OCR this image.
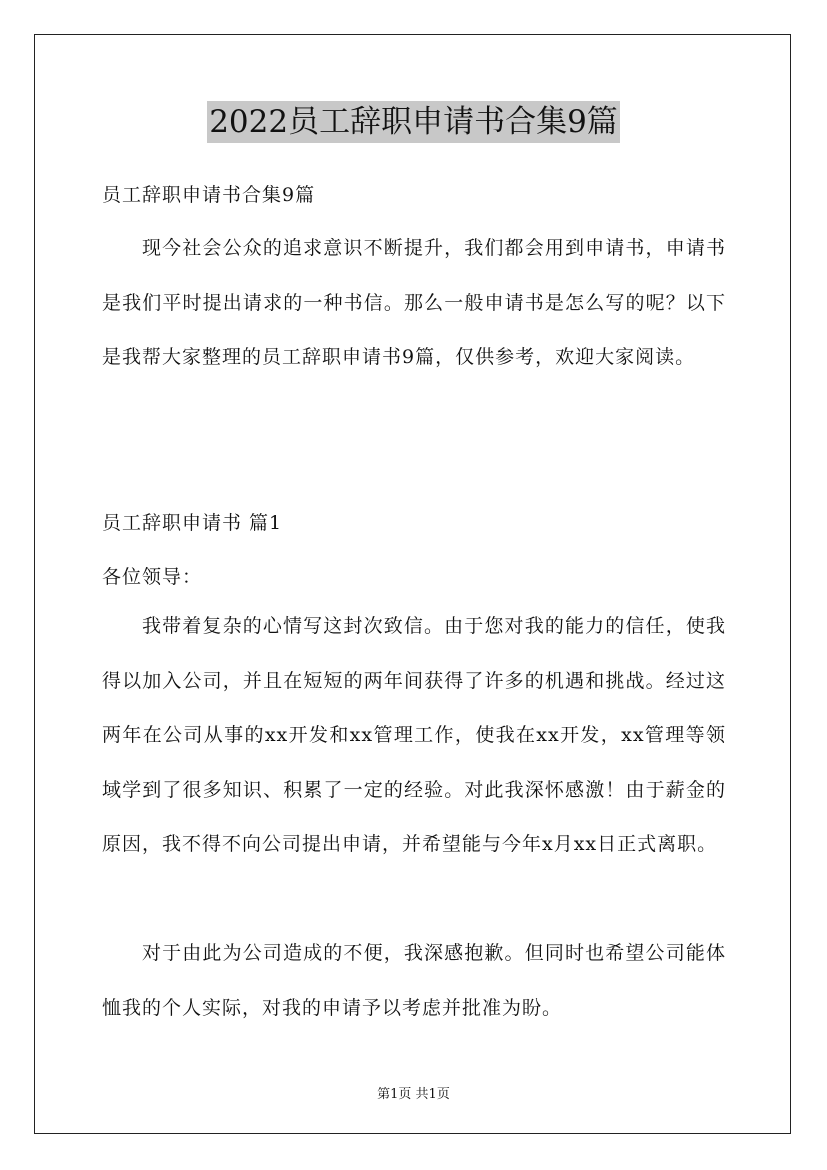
2022员工辞职申请书合集9篇
员工辞职申请书合集9篇
现今社会公众的追求意识不断提升，我们都会用到申请书，申请书是我们平时提出请求的一种书信。那么一般申请书是怎么写的呢？以下是我帮大家整理的员工辞职申请书9篇，仅供参考，欢迎大家阅读。
员工辞职申请书 篇1
各位领导：
我带着复杂的心情写这封次致信。由于您对我的能力的信任，使我得以加入公司，并且在短短的两年间获得了许多的机遇和挑战。经过这两年在公司从事的xx开发和xx管理工作，使我在xx开发，xx管理等领域学到了很多知识、积累了一定的经验。对此我深怀感激！由于薪金的原因，我不得不向公司提出申请，并希望能与今年x月xx日正式离职。
对于由此为公司造成的不便，我深感抱歉。但同时也希望公司能体恤我的个人实际，对我的申请予以考虑并批准为盼。
第1页 共1页
